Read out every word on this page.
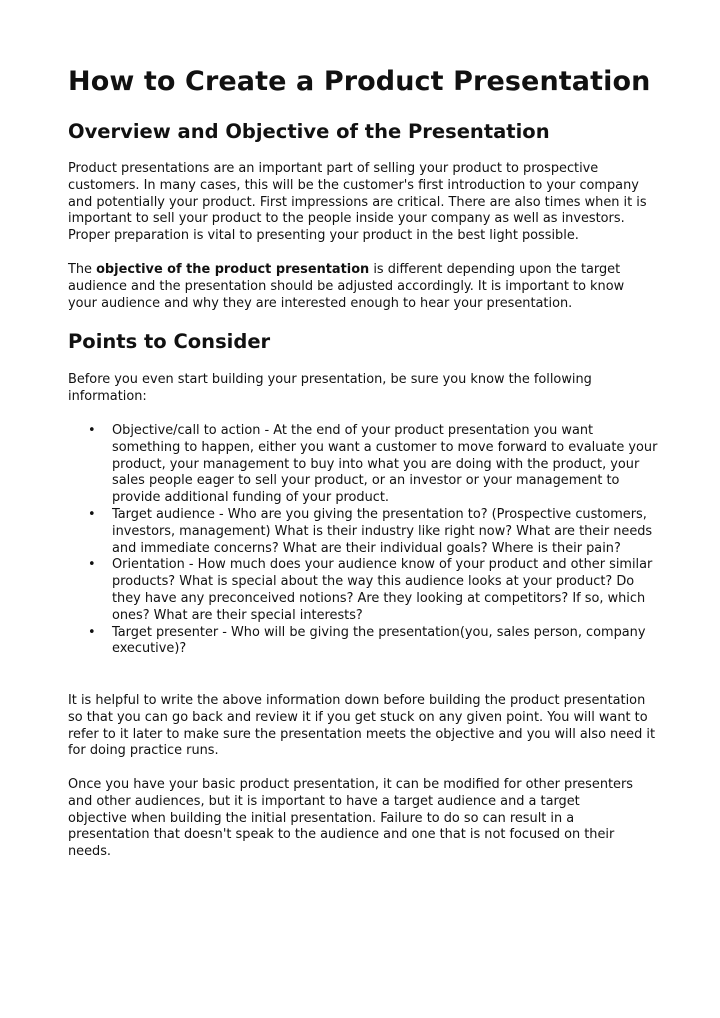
How to Create a Product Presentation
Overview and Objective of the Presentation

Product presentations are an important part of selling your product to prospective customers. In many cases, this will be the customer's first introduction to your company and potentially your product. First impressions are critical. There are also times when it is important to sell your product to the people inside your company as well as investors. Proper preparation is vital to presenting your product in the best light possible.

The objective of the product presentation is different depending upon the target audience and the presentation should be adjusted accordingly. It is important to know your audience and why they are interested enough to hear your presentation.

Points to Consider

Before you even start building your presentation, be sure you know the following information:

• Objective/call to action - At the end of your product presentation you want something to happen, either you want a customer to move forward to evaluate your product, your management to buy into what you are doing with the product, your sales people eager to sell your product, or an investor or your management to provide additional funding of your product.
• Target audience - Who are you giving the presentation to? (Prospective customers, investors, management) What is their industry like right now? What are their needs and immediate concerns? What are their individual goals? Where is their pain?
• Orientation - How much does your audience know of your product and other similar products? What is special about the way this audience looks at your product? Do they have any preconceived notions? Are they looking at competitors? If so, which ones? What are their special interests?
• Target presenter - Who will be giving the presentation(you, sales person, company executive)?

It is helpful to write the above information down before building the product presentation so that you can go back and review it if you get stuck on any given point. You will want to refer to it later to make sure the presentation meets the objective and you will also need it for doing practice runs.

Once you have your basic product presentation, it can be modified for other presenters and other audiences, but it is important to have a target audience and a target objective when building the initial presentation. Failure to do so can result in a presentation that doesn't speak to the audience and one that is not focused on their needs.
